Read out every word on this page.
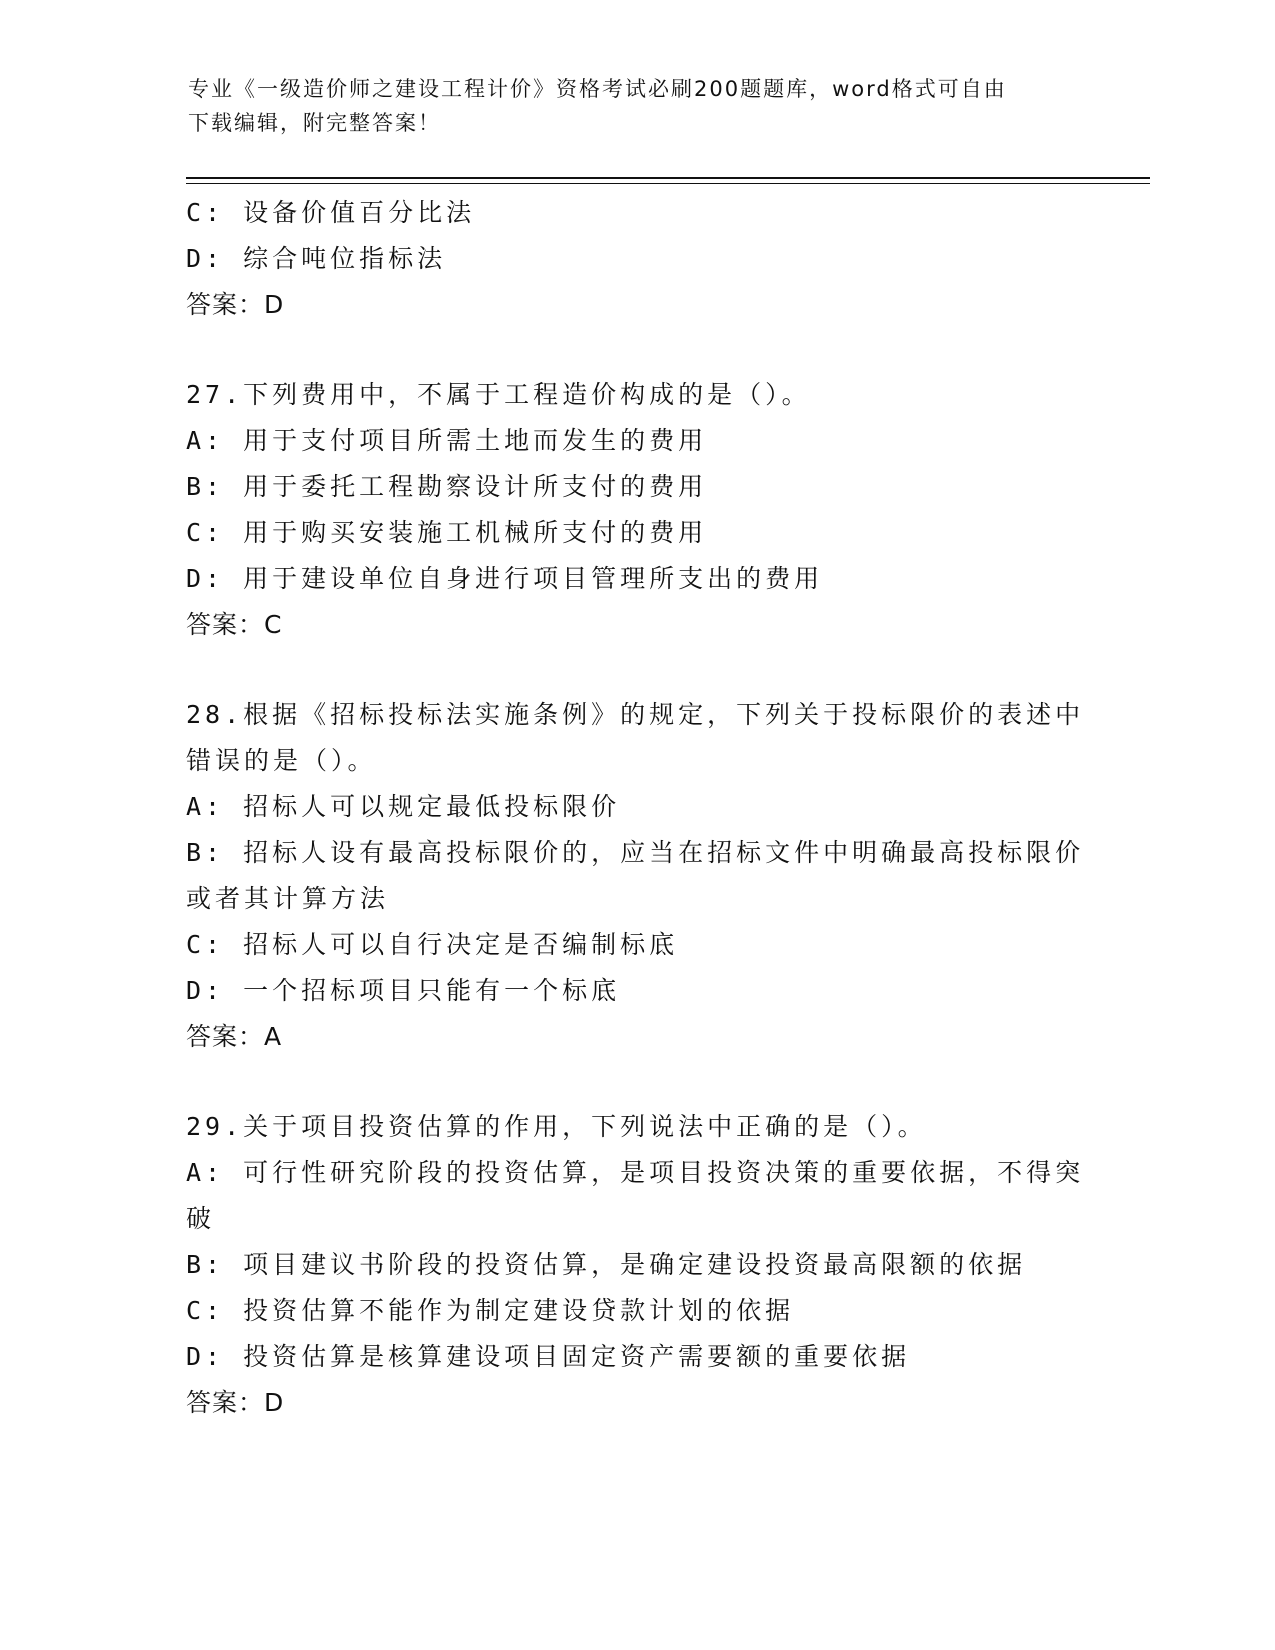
专业《一级造价师之建设工程计价》资格考试必刷200题题库，word格式可自由
下载编辑，附完整答案！
C: 设备价值百分比法
D: 综合吨位指标法
答案：D
27.下列费用中，不属于工程造价构成的是（）。
A: 用于支付项目所需土地而发生的费用
B: 用于委托工程勘察设计所支付的费用
C: 用于购买安装施工机械所支付的费用
D: 用于建设单位自身进行项目管理所支出的费用
答案：C
28.根据《招标投标法实施条例》的规定，下列关于投标限价的表述中
错误的是（）。
A: 招标人可以规定最低投标限价
B: 招标人设有最高投标限价的，应当在招标文件中明确最高投标限价
或者其计算方法
C: 招标人可以自行决定是否编制标底
D: 一个招标项目只能有一个标底
答案：A
29.关于项目投资估算的作用，下列说法中正确的是（）。
A: 可行性研究阶段的投资估算，是项目投资决策的重要依据，不得突
破
B: 项目建议书阶段的投资估算，是确定建设投资最高限额的依据
C: 投资估算不能作为制定建设贷款计划的依据
D: 投资估算是核算建设项目固定资产需要额的重要依据
答案：D
